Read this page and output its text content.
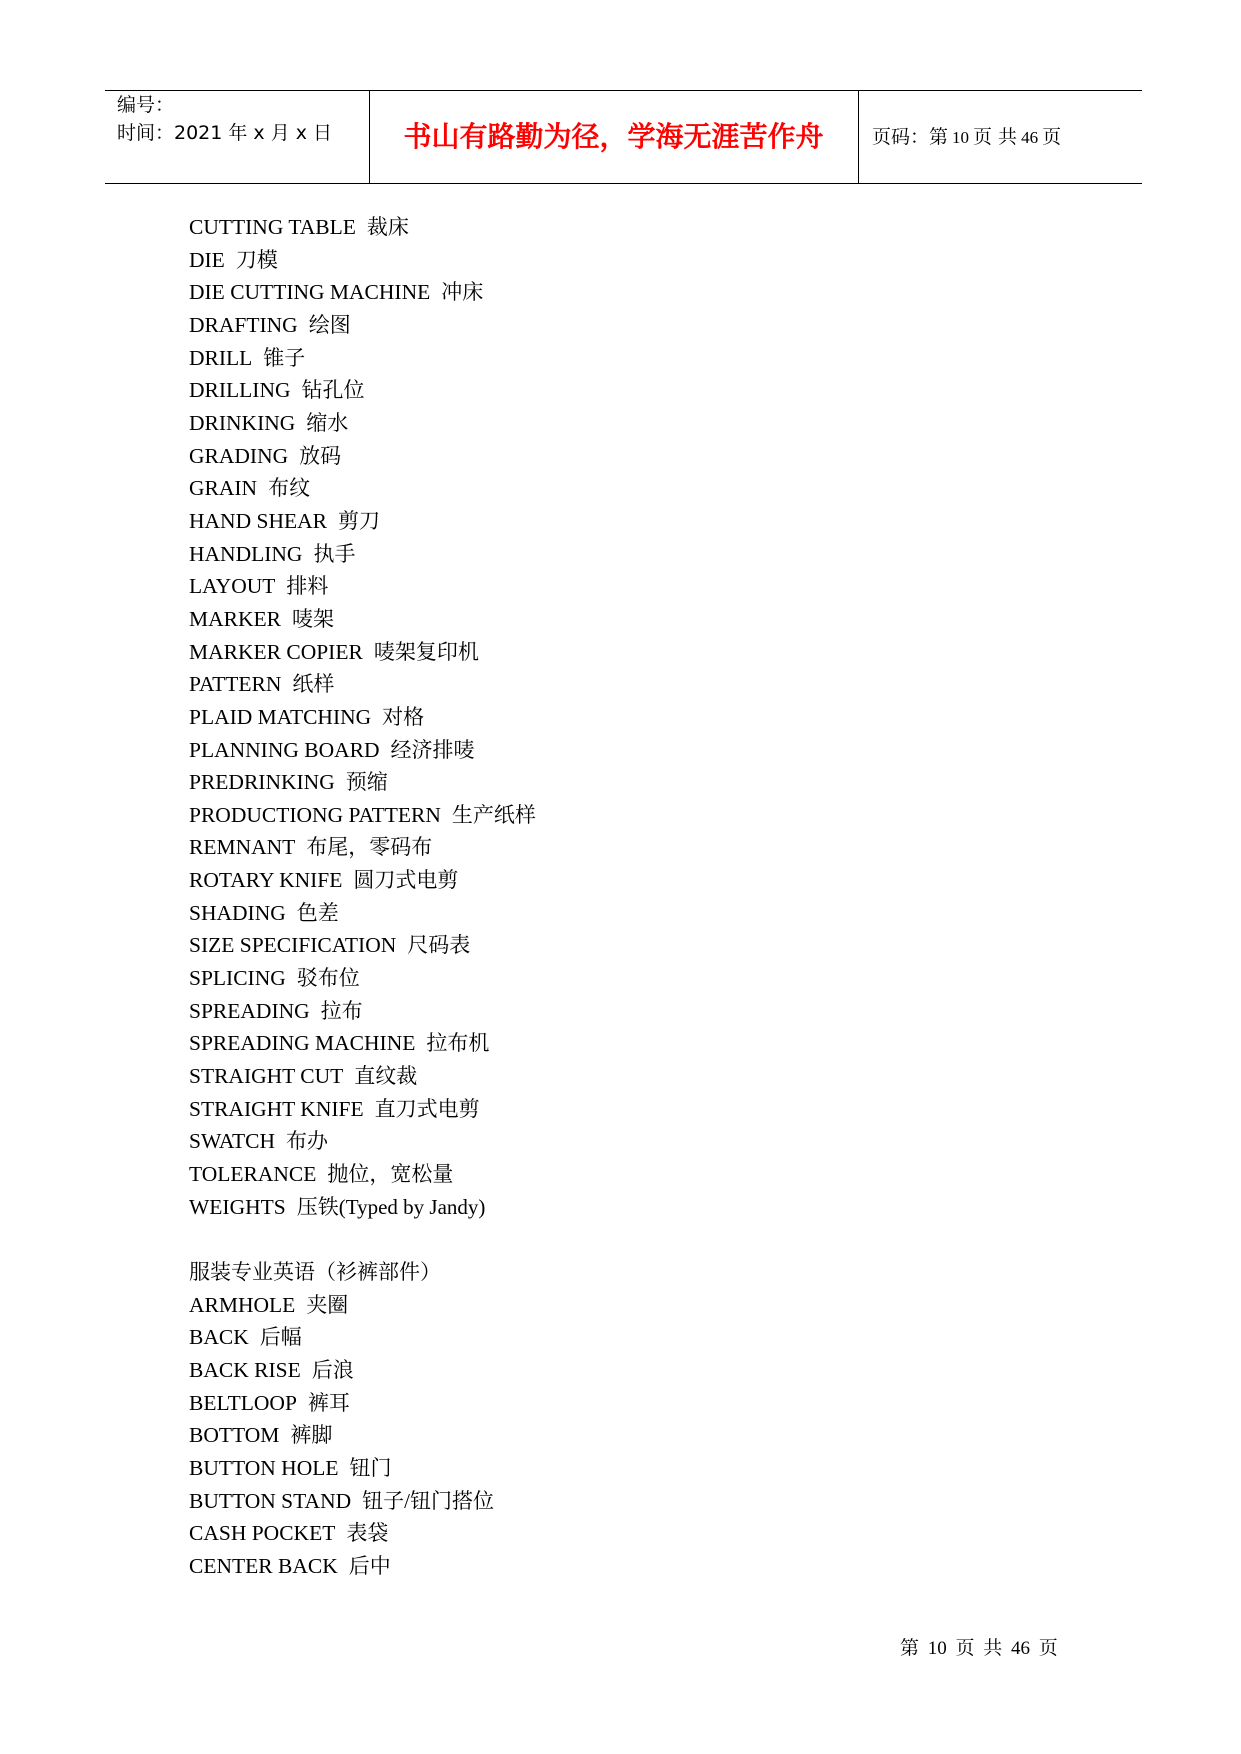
编号：
时间：2021 年 x 月 x 日	书山有路勤为径，学海无涯苦作舟	页码：第 10 页 共 46 页
CUTTING TABLE 裁床
DIE 刀模
DIE CUTTING MACHINE 冲床
DRAFTING 绘图
DRILL 锥子
DRILLING 钻孔位
DRINKING 缩水
GRADING 放码
GRAIN 布纹
HAND SHEAR 剪刀
HANDLING 执手
LAYOUT 排料
MARKER 唛架
MARKER COPIER 唛架复印机
PATTERN 纸样
PLAID MATCHING 对格
PLANNING BOARD 经济排唛
PREDRINKING 预缩
PRODUCTIONG PATTERN 生产纸样
REMNANT 布尾，零码布
ROTARY KNIFE 圆刀式电剪
SHADING 色差
SIZE SPECIFICATION 尺码表
SPLICING 驳布位
SPREADING 拉布
SPREADING MACHINE 拉布机
STRAIGHT CUT 直纹裁
STRAIGHT KNIFE 直刀式电剪
SWATCH 布办
TOLERANCE 抛位，宽松量
WEIGHTS 压铁(Typed by Jandy)
服装专业英语（衫裤部件）
ARMHOLE 夹圈
BACK 后幅
BACK RISE 后浪
BELTLOOP 裤耳
BOTTOM 裤脚
BUTTON HOLE 钮门
BUTTON STAND 钮子/钮门搭位
CASH POCKET 表袋
CENTER BACK 后中
第 10 页 共 46 页
